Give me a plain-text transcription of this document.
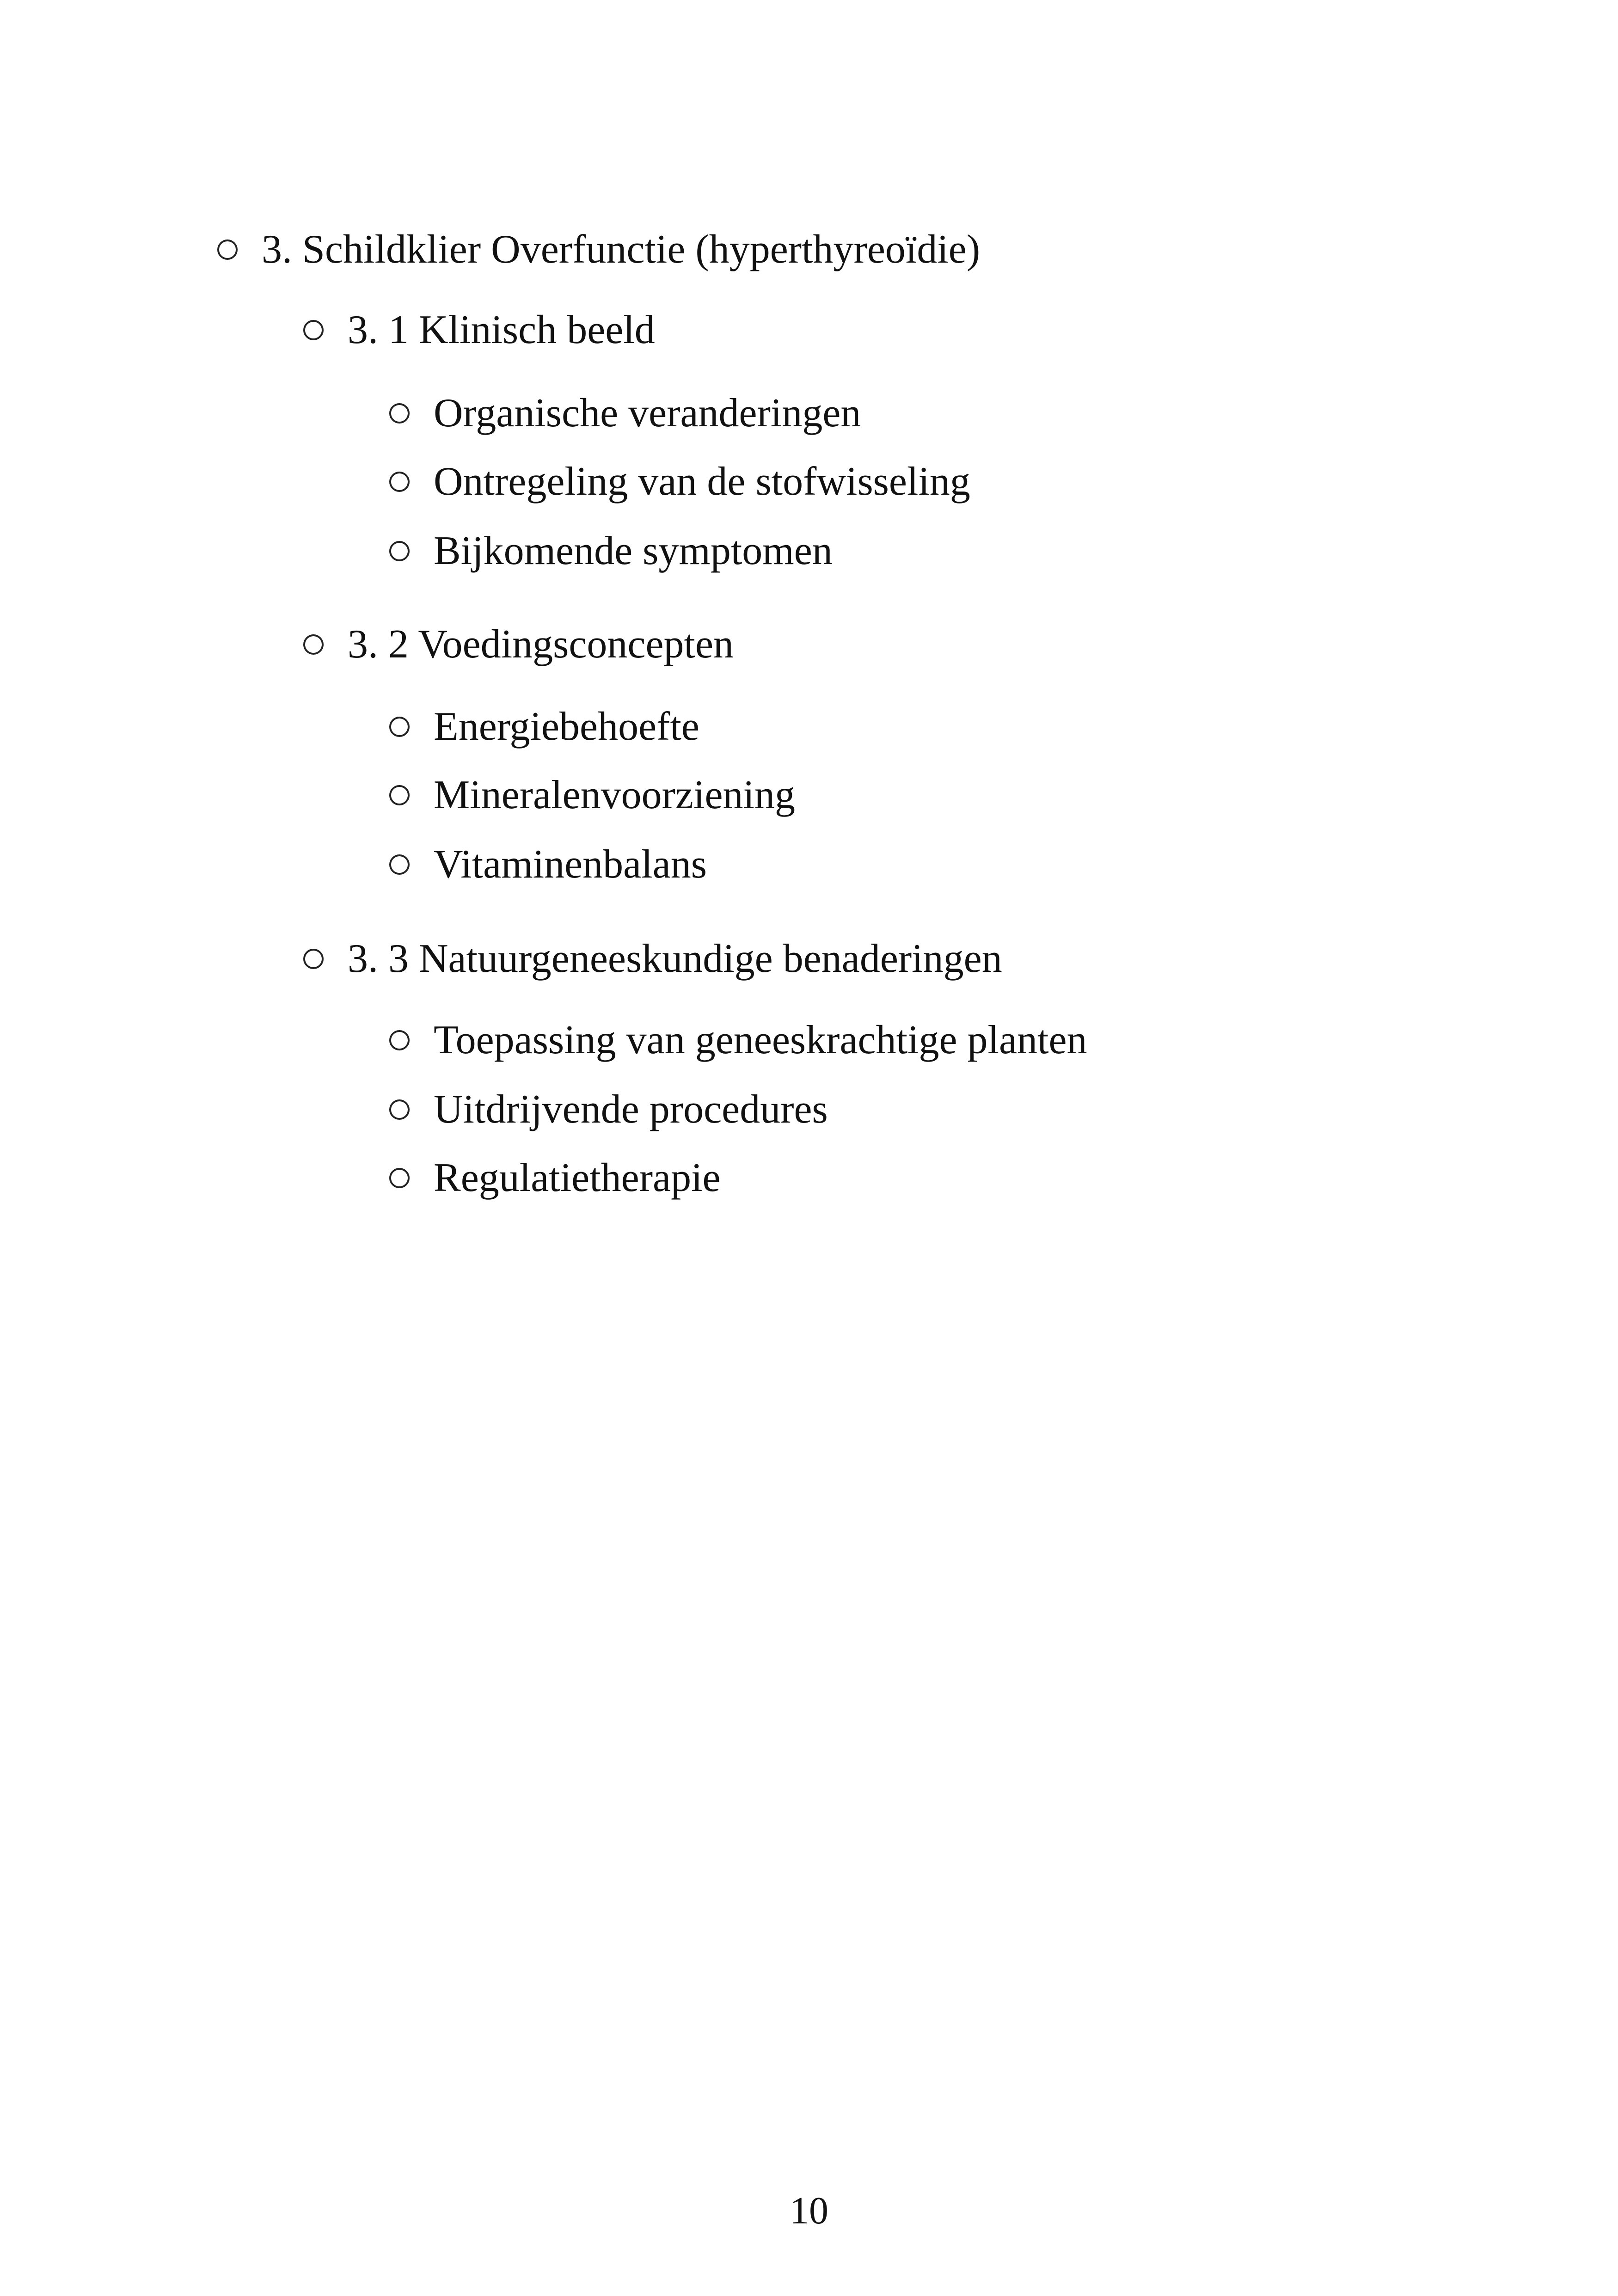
3. Schildklier Overfunctie (hyperthyreoïdie)
3. 1 Klinisch beeld
Organische veranderingen
Ontregeling van de stofwisseling
Bijkomende symptomen
3. 2 Voedingsconcepten
Energiebehoefte
Mineralenvoorziening
Vitaminenbalans
3. 3 Natuurgeneeskundige benaderingen
Toepassing van geneeskrachtige planten
Uitdrijvende procedures
Regulatietherapie
10
